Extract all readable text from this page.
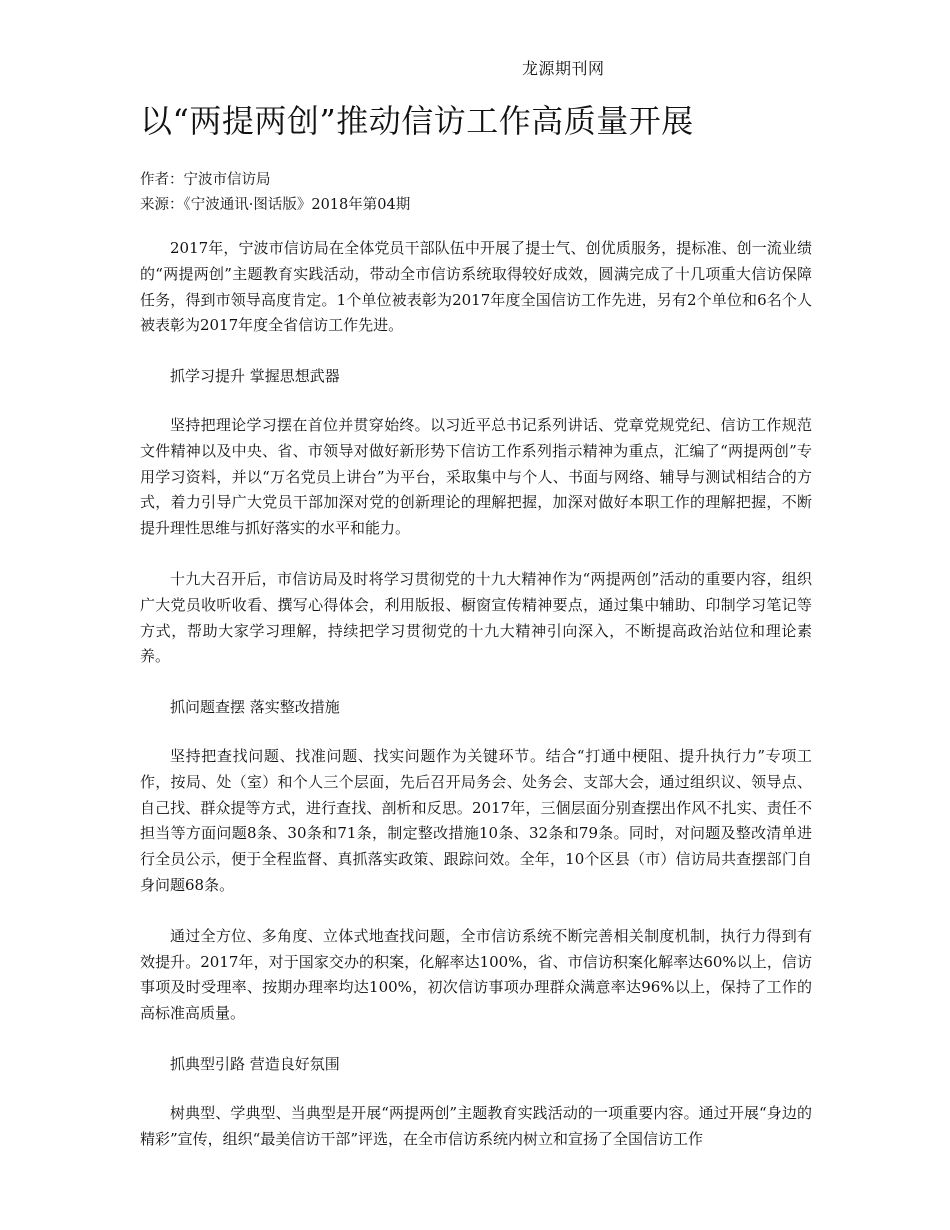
龙源期刊网
以“两提两创”推动信访工作高质量开展
作者：宁波市信访局
来源：《宁波通讯·图话版》2018年第04期

2017年，宁波市信访局在全体党员干部队伍中开展了提士气、创优质服务，提标准、创一流业绩的“两提两创”主题教育实践活动，带动全市信访系统取得较好成效，圆满完成了十几项重大信访保障任务，得到市领导高度肯定。1个单位被表彰为2017年度全国信访工作先进，另有2个单位和6名个人被表彰为2017年度全省信访工作先进。

抓学习提升 掌握思想武器

坚持把理论学习摆在首位并贯穿始终。以习近平总书记系列讲话、党章党规党纪、信访工作规范文件精神以及中央、省、市领导对做好新形势下信访工作系列指示精神为重点，汇编了“两提两创”专用学习资料，并以“万名党员上讲台”为平台，采取集中与个人、书面与网络、辅导与测试相结合的方式，着力引导广大党员干部加深对党的创新理论的理解把握，加深对做好本职工作的理解把握，不断提升理性思维与抓好落实的水平和能力。

十九大召开后，市信访局及时将学习贯彻党的十九大精神作为“两提两创”活动的重要内容，组织广大党员收听收看、撰写心得体会，利用版报、橱窗宣传精神要点，通过集中辅助、印制学习笔记等方式，帮助大家学习理解，持续把学习贯彻党的十九大精神引向深入，不断提高政治站位和理论素养。

抓问题查摆 落实整改措施

坚持把查找问题、找准问题、找实问题作为关键环节。结合“打通中梗阻、提升执行力”专项工作，按局、处（室）和个人三个层面，先后召开局务会、处务会、支部大会，通过组织议、领导点、自己找、群众提等方式，进行查找、剖析和反思。2017年，三個层面分别查摆出作风不扎实、责任不担当等方面问题8条、30条和71条，制定整改措施10条、32条和79条。同时，对问题及整改清单进行全员公示，便于全程监督、真抓落实政策、跟踪问效。全年，10个区县（市）信访局共查摆部门自身问题68条。

通过全方位、多角度、立体式地查找问题，全市信访系统不断完善相关制度机制，执行力得到有效提升。2017年，对于国家交办的积案，化解率达100%，省、市信访积案化解率达60%以上，信访事项及时受理率、按期办理率均达100%，初次信访事项办理群众满意率达96%以上，保持了工作的高标准高质量。

抓典型引路 营造良好氛围

树典型、学典型、当典型是开展“两提两创”主题教育实践活动的一项重要内容。通过开展“身边的精彩”宣传，组织“最美信访干部”评选，在全市信访系统内树立和宣扬了全国信访工作
